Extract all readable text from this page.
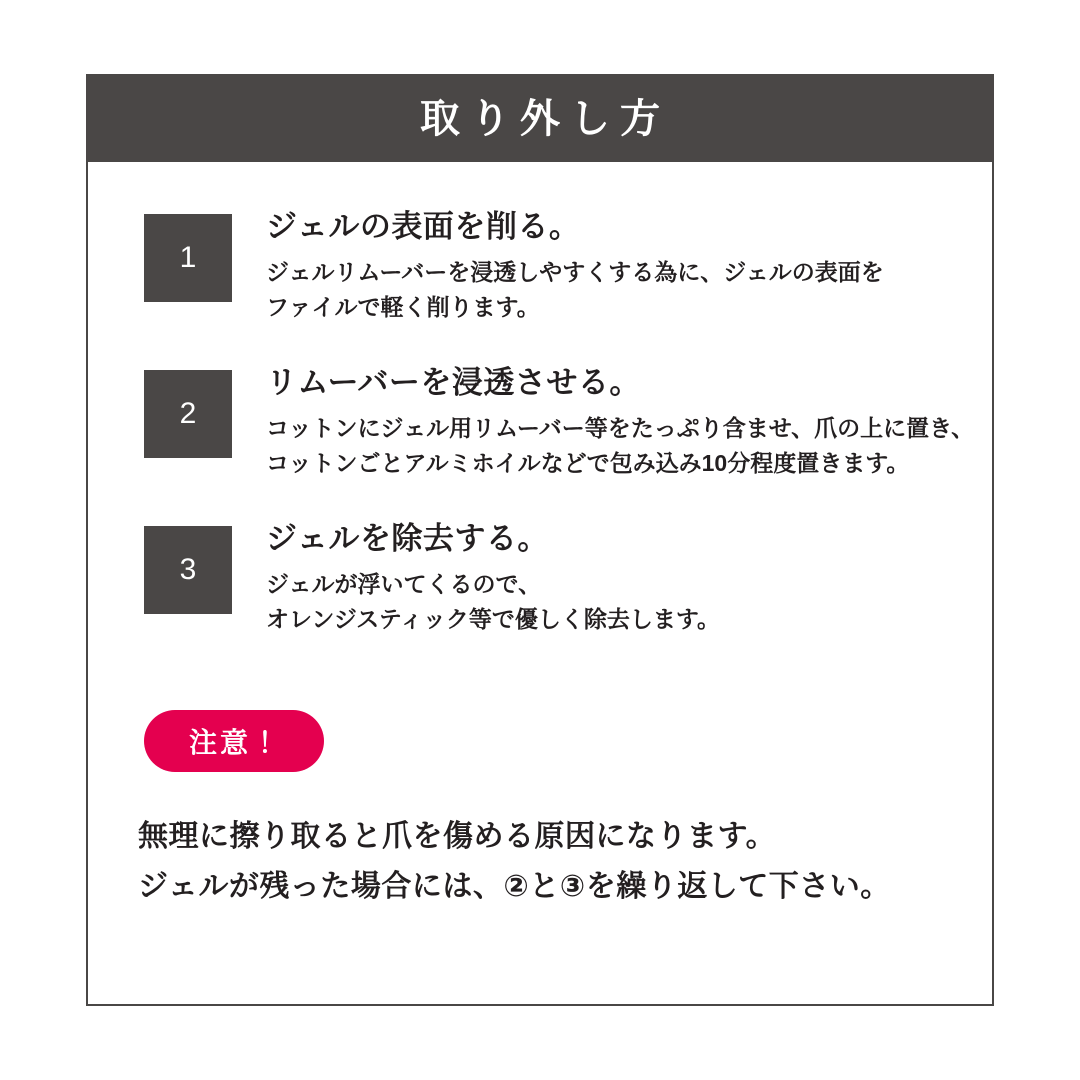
取り外し方
1

ジェルの表面を削る。

ジェルリムーバーを浸透しやすくする為に、ジェルの表面を
ファイルで軽く削ります。

2

リムーバーを浸透させる。

コットンにジェル用リムーバー等をたっぷり含ませ、爪の上に置き、
コットンごとアルミホイルなどで包み込み10分程度置きます。

3

ジェルを除去する。

ジェルが浮いてくるので、
オレンジスティック等で優しく除去します。

注意！
無理に擦り取ると爪を傷める原因になります。
ジェルが残った場合には、②と③を繰り返して下さい。
